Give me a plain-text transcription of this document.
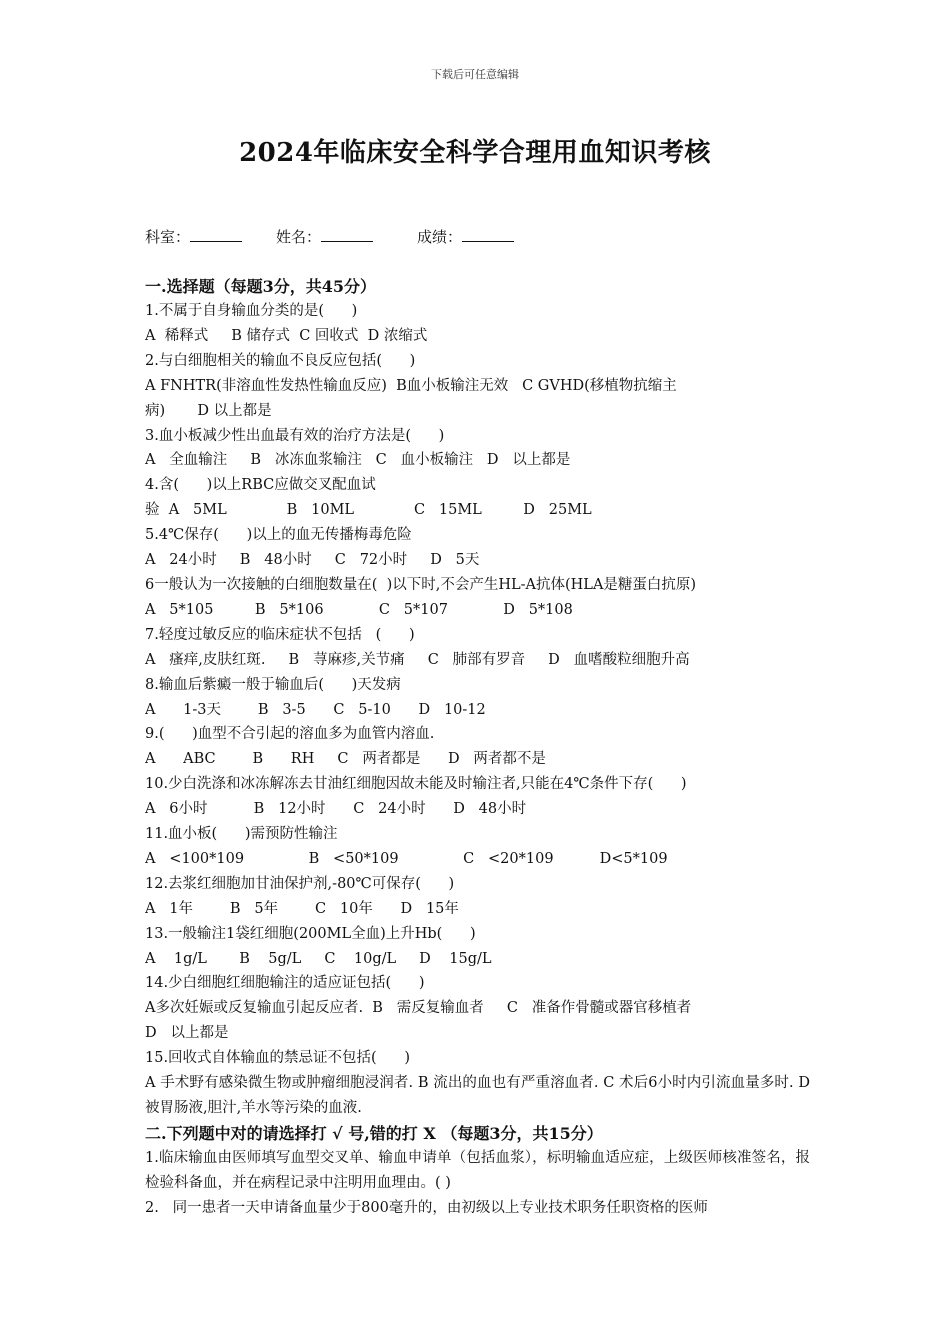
下载后可任意编辑
2024年临床安全科学合理用血知识考核
科室：	姓名：	成绩：
一.选择题（每题3分，共45分）
1.不属于自身输血分类的是(      )
A  稀释式     B 储存式  C 回收式  D 浓缩式
2.与白细胞相关的输血不良反应包括(      )
A FNHTR(非溶血性发热性输血反应)  B血小板输注无效   C GVHD(移植物抗缩主
病)       D 以上都是
3.血小板减少性出血最有效的治疗方法是(      )
A   全血输注     B   冰冻血浆输注   C   血小板输注   D   以上都是
4.含(      )以上RBC应做交叉配血试
验  A   5ML             B   10ML             C   15ML         D   25ML
5.4℃保存(      )以上的血无传播梅毒危险
A   24小时     B   48小时     C   72小时     D   5天
6一般认为一次接触的白细胞数量在(  )以下时,不会产生HL-A抗体(HLA是糖蛋白抗原)
A   5*105         B   5*106            C   5*107            D   5*108
7.轻度过敏反应的临床症状不包括   (      )
A   瘙痒,皮肤红斑.     B   荨麻疹,关节痛     C   肺部有罗音     D   血嗜酸粒细胞升高
8.输血后紫癜一般于输血后(      )天发病
A      1-3天        B   3-5      C   5-10      D   10-12
9.(      )血型不合引起的溶血多为血管内溶血.
A      ABC        B      RH     C   两者都是      D   两者都不是
10.少白洗涤和冰冻解冻去甘油红细胞因故未能及时输注者,只能在4℃条件下存(      )
A   6小时          B   12小时      C   24小时      D   48小时
11.血小板(      )需预防性输注
A   <100*109              B   <50*109              C   <20*109          D<5*109
12.去浆红细胞加甘油保护剂,-80℃可保存(      )
A   1年        B   5年        C   10年      D   15年
13.一般输注1袋红细胞(200ML全血)上升Hb(      )
A    1g/L       B    5g/L     C    10g/L     D    15g/L
14.少白细胞红细胞输注的适应证包括(      )
A多次妊娠或反复输血引起反应者.  B   需反复输血者     C   准备作骨髓或器官移植者
D   以上都是
15.回收式自体输血的禁忌证不包括(      )
A 手术野有感染微生物或肿瘤细胞浸润者. B 流出的血也有严重溶血者. C 术后6小时内引流血量多时. D 被胃肠液,胆汁,羊水等污染的血液.
二.下列题中对的请选择打 √ 号,错的打 X （每题3分，共15分）
1.临床输血由医师填写血型交叉单、输血申请单（包括血浆），标明输血适应症，上级医师核准签名，报检验科备血，并在病程记录中注明用血理由。( )
2.   同一患者一天申请备血量少于800毫升的，由初级以上专业技术职务任职资格的医师
